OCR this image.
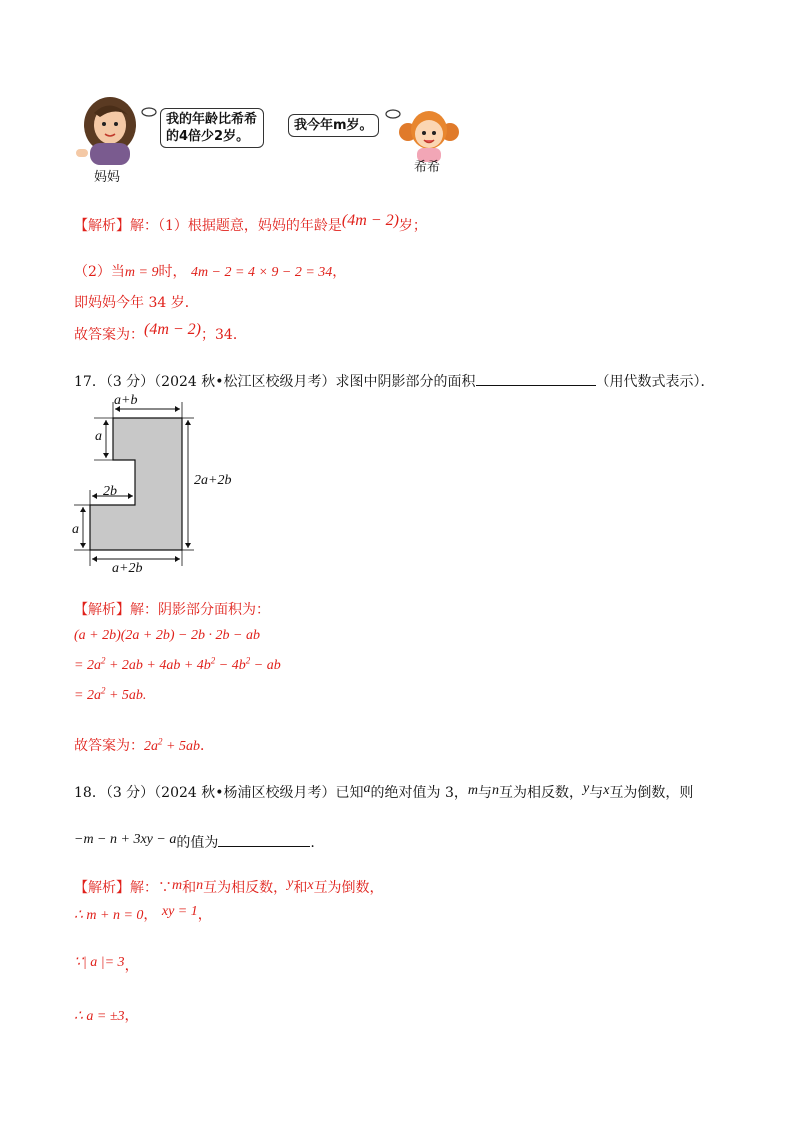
我的年龄比希希
的4倍少2岁。
妈妈
我今年m岁。
希希
【解析】解：（1）根据题意，妈妈的年龄是(4m − 2)岁；
（2）当m = 9时， 4m − 2 = 4 × 9 − 2 = 34，
即妈妈今年 34 岁．
故答案为：(4m − 2)；34．
17．（3 分）（2024 秋•松江区校级月考）求图中阴影部分的面积	（用代数式表示）．
a+b
a
2a+2b
2b
a
a+2b
【解析】解：阴影部分面积为：
(a + 2b)(2a + 2b) − 2b · 2b − ab
= $2a^2 + 2ab + 4ab + 4b^2 - 4b^2$ − ab
= $2a^2 + 5ab$.
故答案为：$2a^2 + 5ab$．
18．（3 分）（2024 秋•杨浦区校级月考）已知a的绝对值为 3，m与n互为相反数，y与x互为倒数，则
−m − n + 3xy − a的值为	.
【解析】解：∵m和n互为相反数，y和x互为倒数，
∴ m + n = 0， xy = 1，
∵| a |= 3，
∴ a = ±3，
